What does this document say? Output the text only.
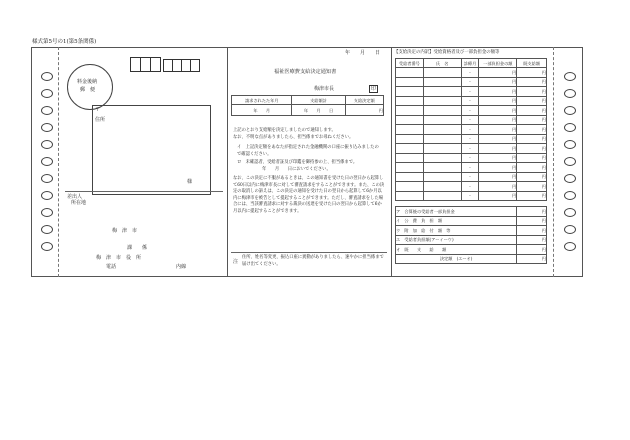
様式第5号の1(第5条関係)
料金後納
郵　便
〒
住所
様
差出人
所在地
梅　津　市
課　　係
梅　津　市　役　所
電話	内線
年　　月　　日
福祉医療費支給決定通知書
梅津市長	印
請求されたた年月	支給額計	支給決定額
年　　月	年　　月　　日	円
上記のとおり支給額を決定しましたので通知します。
なお、不明な点がありましたら、担当係までお尋ねください。
イ　上記決定額をあなたが指定された金融機関の口座に振り込みましたので確認ください。
ロ　未確認者、受給者証及び印鑑を御持参の上、担当係まで。
年　　月　　日においでください。
なお、この決定に不服があるときは、この通知書を受けた日の翌日から起算して60日以内に梅津市長に対して審査請求をすることができます。また、この決定の取消しの訴えは、この決定の通知を受けた日の翌日から起算して6か月以内に梅津市を被告として提起することができます。ただし、審査請求をした場合には、当該審査請求に対する裁決の送達を受けた日の翌日から起算して6か月以内に提起することができます。
注
住所、姓名等変更、振込口座に異動がありましたら、速やかに担当係まで届け出てください。
【支給決定の内訳】受給資格者及び一部負担金の額等
受給者番号	氏　名	診療月	一部負担金の額	既支給額
		-	円	円
		-	円	円
		-	円	円
		-	円	円
		-	円	円
		-	円	円
		-	円	円
		-	円	円
		-	円	円
		-	円	円
		-	円	円
		-	円	円
		-	円	円
		-	円	円
ア　合算後の受給者一部負担金	円
イ　公　費　負　担　額	円
ウ　附　加　給　付　額　等	円
エ　受給者負担額(アーイーウ)	円
オ　既　　支　　給　　額	円
決定額　(エーオ)	円
